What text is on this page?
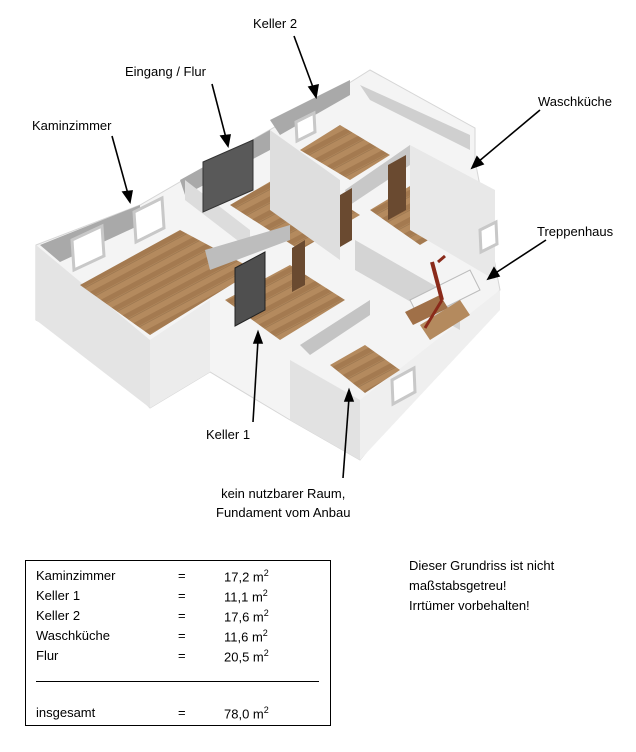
Keller 2
Eingang / Flur
Kaminzimmer
Waschküche
Treppenhaus
Keller 1
kein nutzbarer Raum,
Fundament vom Anbau
Kaminzimmer	=	17,2 $m^2$
Keller 1	=	11,1 $m^2$
Keller 2	=	17,6 $m^2$
Waschküche	=	11,6 $m^2$
Flur	=	20,5 $m^2$
insgesamt	=	78,0 $m^2$
Dieser Grundriss ist nicht
maßstabsgetreu!
Irrtümer vorbehalten!
